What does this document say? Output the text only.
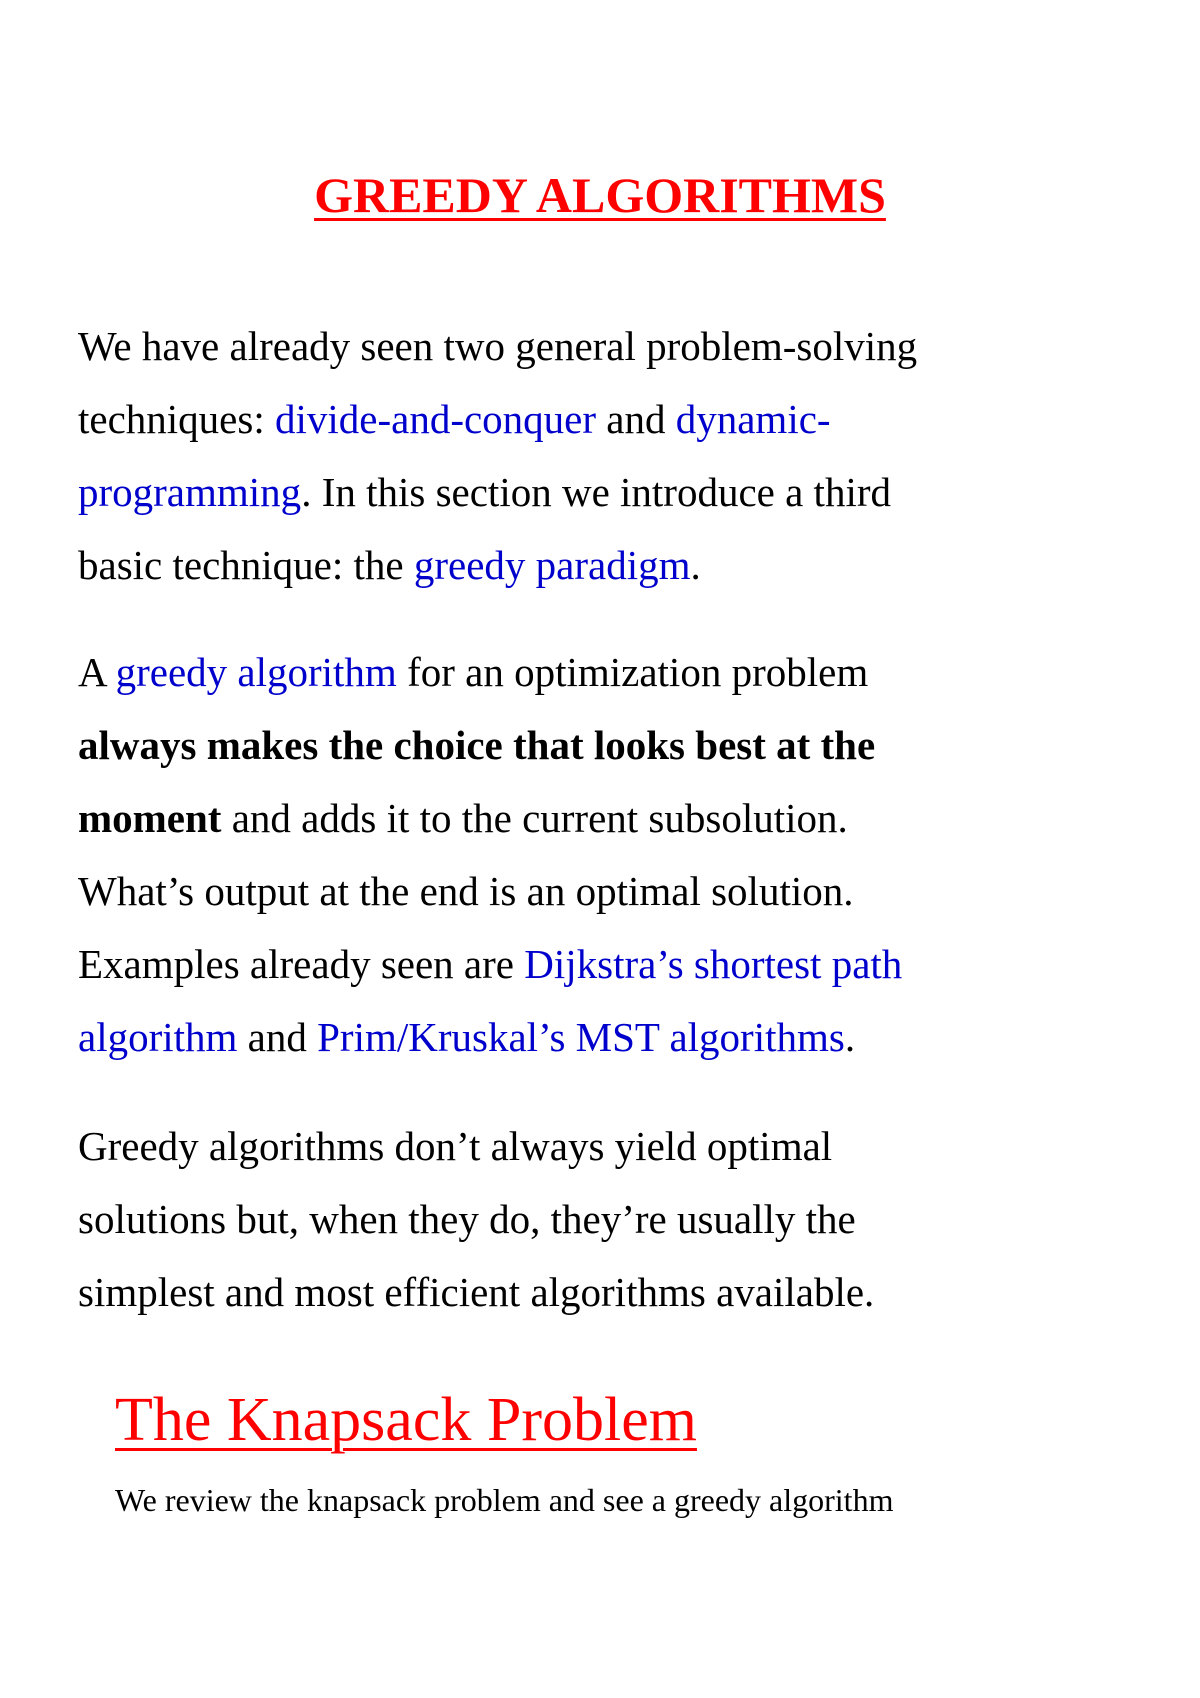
GREEDY ALGORITHMS

We have already seen two general problem-solving
techniques: divide-and-conquer and dynamic-
programming. In this section we introduce a third
basic technique: the greedy paradigm.

A greedy algorithm for an optimization problem
always makes the choice that looks best at the
moment and adds it to the current subsolution.
What’s output at the end is an optimal solution.
Examples already seen are Dijkstra’s shortest path
algorithm and Prim/Kruskal’s MST algorithms.

Greedy algorithms don’t always yield optimal
solutions but, when they do, they’re usually the
simplest and most efficient algorithms available.

The Knapsack Problem

We review the knapsack problem and see a greedy algorithm
